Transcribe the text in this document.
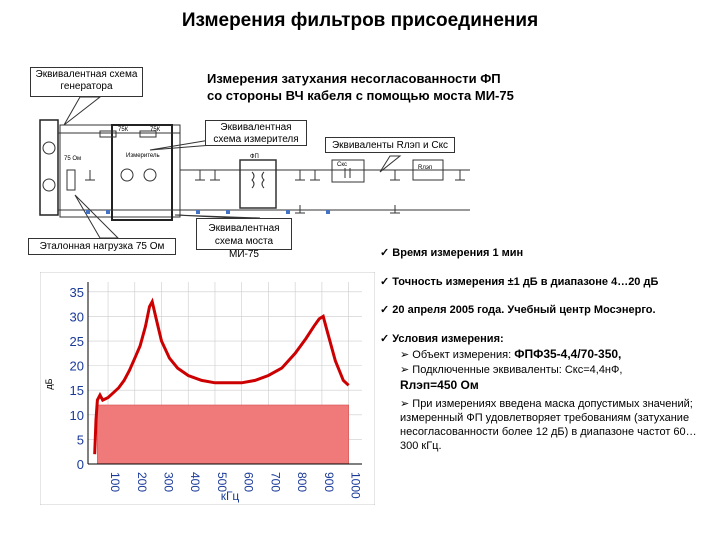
Измерения фильтров присоединения
Измерения затухания несогласованности ФП
со стороны ВЧ кабеля с помощью моста МИ-75
75К	75К
Измеритель
75 Ом	ФП
Скс	Rлэп
Эквивалентная схема генератора
Эквивалентная схема измерителя
Эквиваленты Rлэп и Скс
Эталонная нагрузка 75 Ом
Эквивалентная схема моста МИ-75
0
5
10
15
20
25
30
35
100 200 300 400 500 600 700 800 900 1000
дБ
кГц
✓ Время измерения 1 мин
✓ Точность измерения ±1 дБ в диапазоне 4…20 дБ
✓ 20 апреля 2005 года. Учебный центр Мосэнерго.
✓ Условия измерения:
➢ Объект измерения: ФПФ35-4,4/70-350,
➢ Подключенные эквиваленты: Скс=4,4нФ,
Rлэп=450 Ом
➢ При измерениях введена маска допустимых значений; измеренный ФП удовлетворяет требованиям (затухание несогласованности более 12 дБ) в диапазоне частот 60…300 кГц.
